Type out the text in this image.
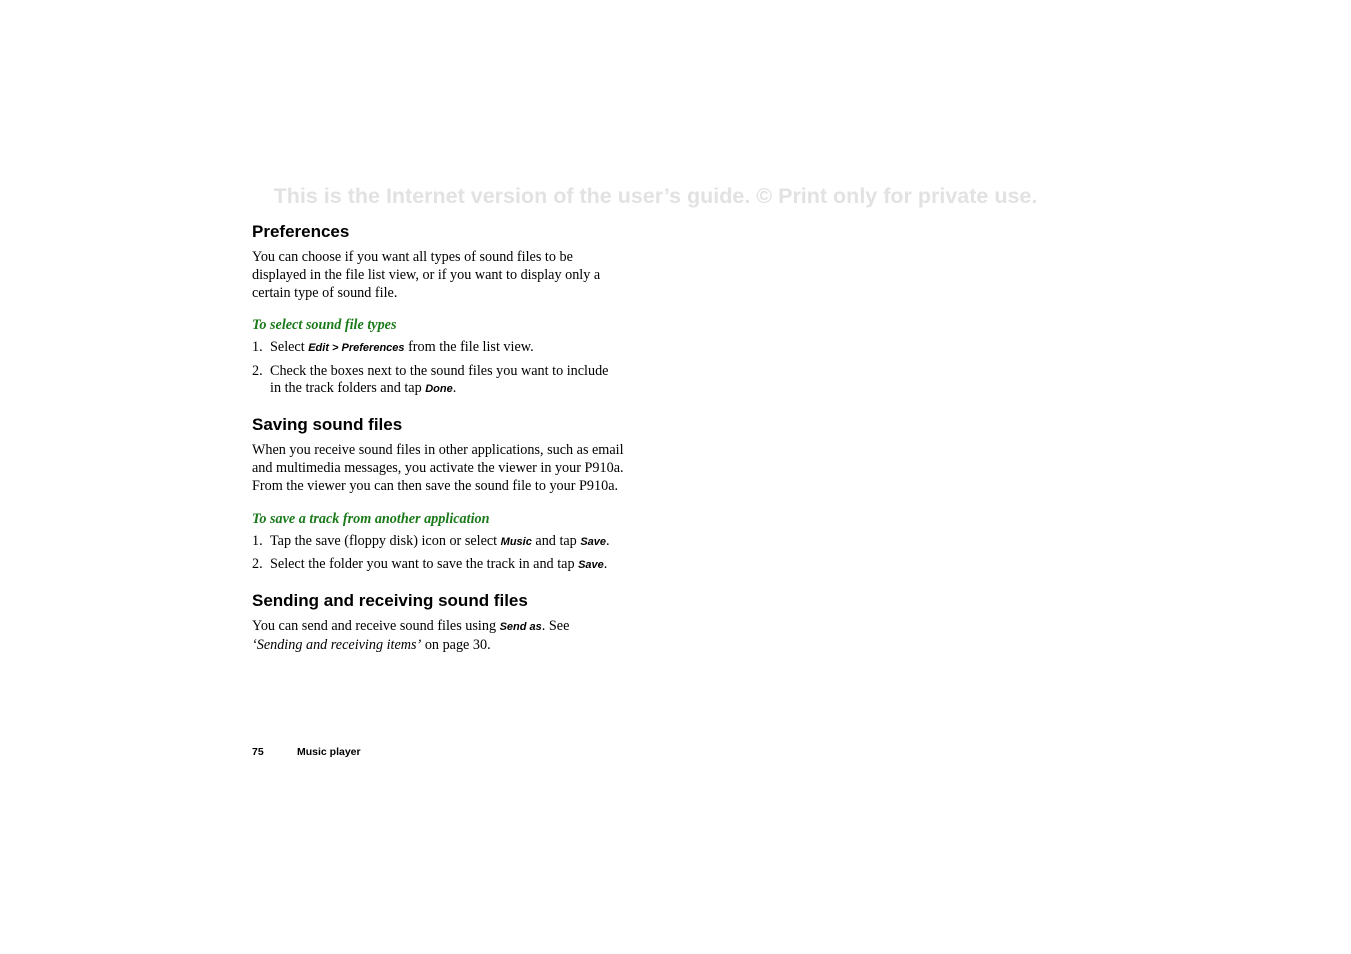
This is the Internet version of the user’s guide. © Print only for private use.
Preferences

You can choose if you want all types of sound files to be displayed in the file list view, or if you want to display only a certain type of sound file.

To select sound file types
1. Select Edit > Preferences from the file list view.
2. Check the boxes next to the sound files you want to include in the track folders and tap Done.
Saving sound files

When you receive sound files in other applications, such as email and multimedia messages, you activate the viewer in your P910a. From the viewer you can then save the sound file to your P910a.

To save a track from another application
1. Tap the save (floppy disk) icon or select Music and tap Save.
2. Select the folder you want to save the track in and tap Save.
Sending and receiving sound files

You can send and receive sound files using Send as. See ‘Sending and receiving items’ on page 30.

75	Music player
